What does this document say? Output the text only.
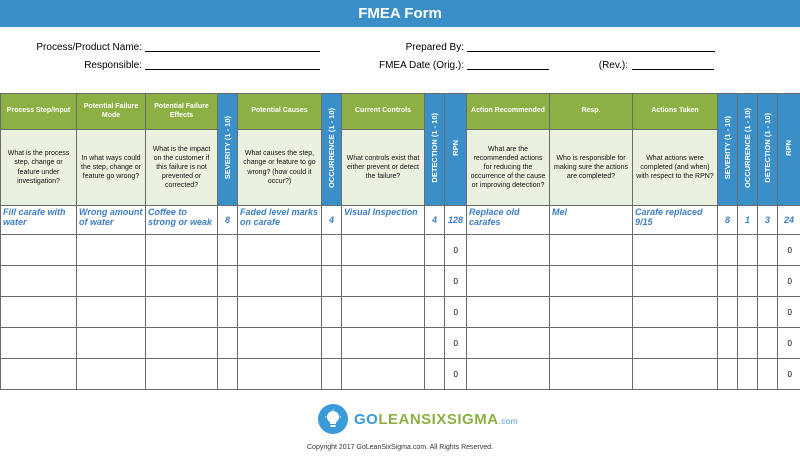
FMEA Form
Process/Product Name:
Responsible:
Prepared By:
FMEA Date (Orig.):	(Rev.):
Process Step/Input	Potential Failure Mode	Potential Failure Effects	SEVERITY (1 - 10)	Potential Causes	OCCURRENCE (1 - 10)	Current Controls	DETECTION (1 - 10)	RPN	Action Recommended	Resp.	Actions Taken	SEVERITY (1 - 10)	OCCURRENCE (1 - 10)	DETECTION (1 - 10)	RPN
What is the process step, change or feature under investigation?	In what ways could the step, change or feature go wrong?	What is the impact on the customer if this failure is not prevented or corrected?		What causes the step, change or feature to go wrong? (how could it occur?)		What controls exist that either prevent or detect the failure?			What are the recommended actions for reducing the occurrence of the cause or improving detection?	Who is responsible for making sure the actions are completed?	What actions were completed (and when) with respect to the RPN?				
Fill carafe with water	Wrong amount of water	Coffee to strong or weak	8	Faded level marks on carafe	4	Visual Inspection	4	128	Replace old carafes	Mel	Carafe replaced 9/15	8	1	3	24
								0							0
								0							0
								0							0
								0							0
								0							0
GOLEANSIXSIGMA.com
Copyright 2017 GoLeanSixSigma.com. All Rights Reserved.
